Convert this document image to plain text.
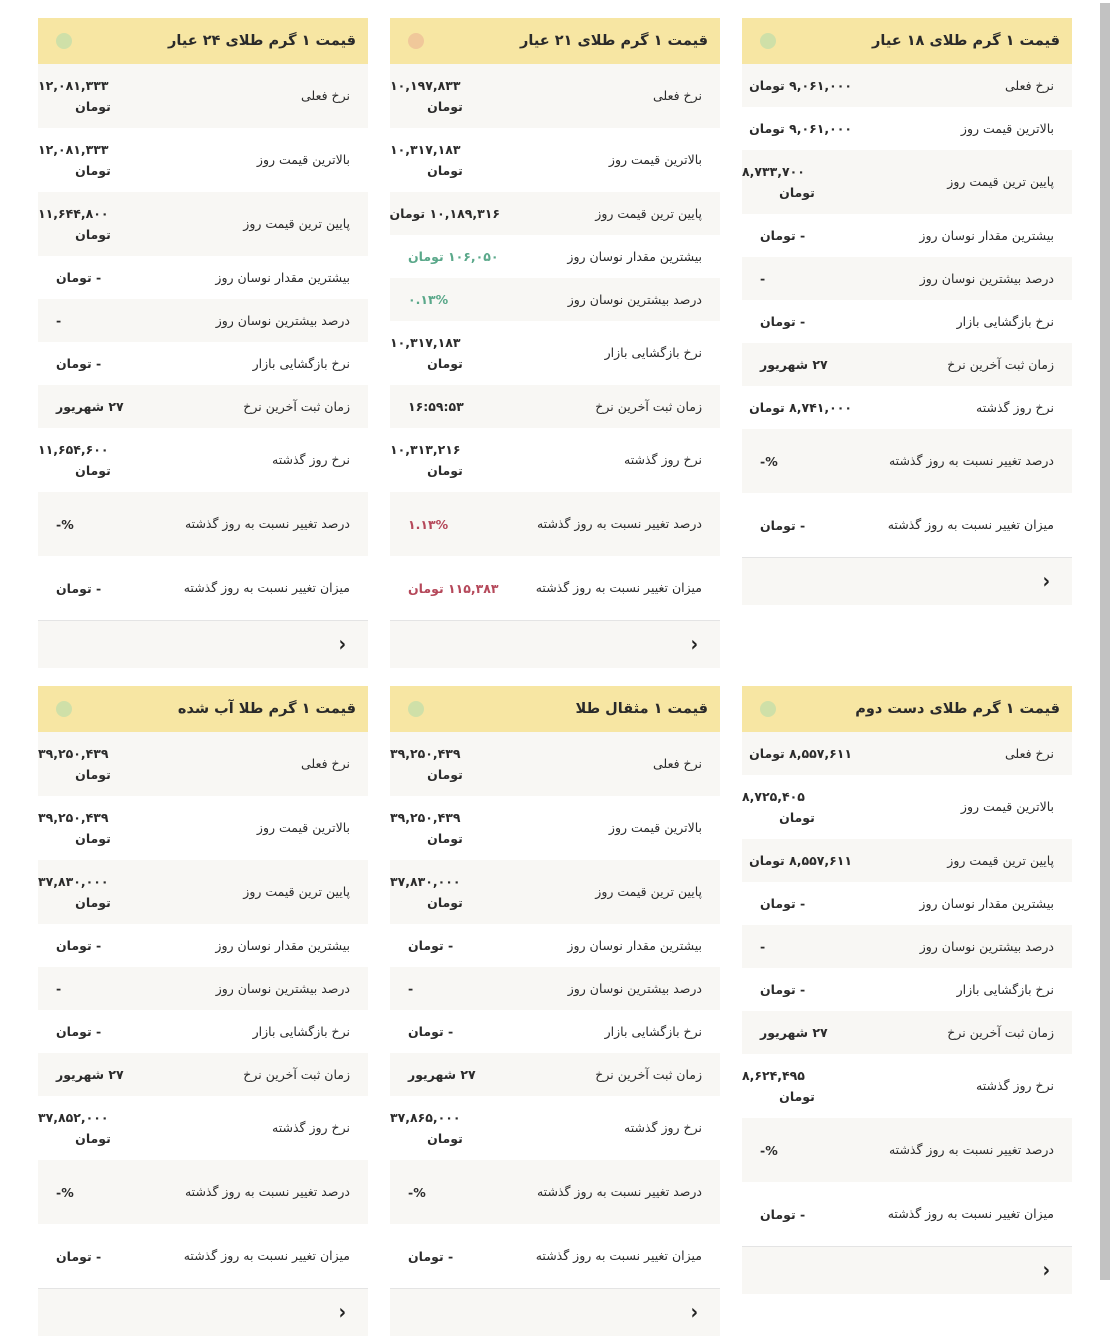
قیمت ۱ گرم طلای ۱۸ عیار
نرخ فعلی
۹,۰۶۱,۰۰۰ تومان
بالاترین قیمت روز
۹,۰۶۱,۰۰۰ تومان
پایین ترین قیمت روز
۸,۷۳۳,۷۰۰
تومان
بیشترین مقدار نوسان روز
- تومان
درصد بیشترین نوسان روز
-
نرخ بازگشایی بازار
- تومان
زمان ثبت آخرین نرخ
۲۷ شهریور
نرخ روز گذشته
۸,۷۴۱,۰۰۰ تومان
درصد تغییر نسبت به روز گذشته
%-
میزان تغییر نسبت به روز گذشته
- تومان
‹
قیمت ۱ گرم طلای ۲۱ عیار
نرخ فعلی
۱۰,۱۹۷,۸۳۳
تومان
بالاترین قیمت روز
۱۰,۳۱۷,۱۸۳
تومان
پایین ترین قیمت روز
۱۰,۱۸۹,۳۱۶ تومان
بیشترین مقدار نوسان روز
۱۰۶,۰۵۰ تومان
درصد بیشترین نوسان روز
۰.۱۳%
نرخ بازگشایی بازار
۱۰,۳۱۷,۱۸۳
تومان
زمان ثبت آخرین نرخ
۱۶:۵۹:۵۳
نرخ روز گذشته
۱۰,۳۱۳,۲۱۶
تومان
درصد تغییر نسبت به روز گذشته
۱.۱۳%
میزان تغییر نسبت به روز گذشته
۱۱۵,۳۸۳ تومان
‹
قیمت ۱ گرم طلای ۲۴ عیار
نرخ فعلی
۱۲,۰۸۱,۳۳۳
تومان
بالاترین قیمت روز
۱۲,۰۸۱,۳۳۳
تومان
پایین ترین قیمت روز
۱۱,۶۴۴,۸۰۰
تومان
بیشترین مقدار نوسان روز
- تومان
درصد بیشترین نوسان روز
-
نرخ بازگشایی بازار
- تومان
زمان ثبت آخرین نرخ
۲۷ شهریور
نرخ روز گذشته
۱۱,۶۵۴,۶۰۰
تومان
درصد تغییر نسبت به روز گذشته
%-
میزان تغییر نسبت به روز گذشته
- تومان
‹
قیمت ۱ گرم طلای دست دوم
نرخ فعلی
۸,۵۵۷,۶۱۱ تومان
بالاترین قیمت روز
۸,۷۲۵,۴۰۵
تومان
پایین ترین قیمت روز
۸,۵۵۷,۶۱۱ تومان
بیشترین مقدار نوسان روز
- تومان
درصد بیشترین نوسان روز
-
نرخ بازگشایی بازار
- تومان
زمان ثبت آخرین نرخ
۲۷ شهریور
نرخ روز گذشته
۸,۶۲۴,۴۹۵
تومان
درصد تغییر نسبت به روز گذشته
%-
میزان تغییر نسبت به روز گذشته
- تومان
‹
قیمت ۱ مثقال طلا
نرخ فعلی
۳۹,۲۵۰,۴۳۹
تومان
بالاترین قیمت روز
۳۹,۲۵۰,۴۳۹
تومان
پایین ترین قیمت روز
۳۷,۸۳۰,۰۰۰
تومان
بیشترین مقدار نوسان روز
- تومان
درصد بیشترین نوسان روز
-
نرخ بازگشایی بازار
- تومان
زمان ثبت آخرین نرخ
۲۷ شهریور
نرخ روز گذشته
۳۷,۸۶۵,۰۰۰
تومان
درصد تغییر نسبت به روز گذشته
%-
میزان تغییر نسبت به روز گذشته
- تومان
‹
قیمت ۱ گرم طلا آب شده
نرخ فعلی
۳۹,۲۵۰,۴۳۹
تومان
بالاترین قیمت روز
۳۹,۲۵۰,۴۳۹
تومان
پایین ترین قیمت روز
۳۷,۸۳۰,۰۰۰
تومان
بیشترین مقدار نوسان روز
- تومان
درصد بیشترین نوسان روز
-
نرخ بازگشایی بازار
- تومان
زمان ثبت آخرین نرخ
۲۷ شهریور
نرخ روز گذشته
۳۷,۸۵۲,۰۰۰
تومان
درصد تغییر نسبت به روز گذشته
%-
میزان تغییر نسبت به روز گذشته
- تومان
‹
